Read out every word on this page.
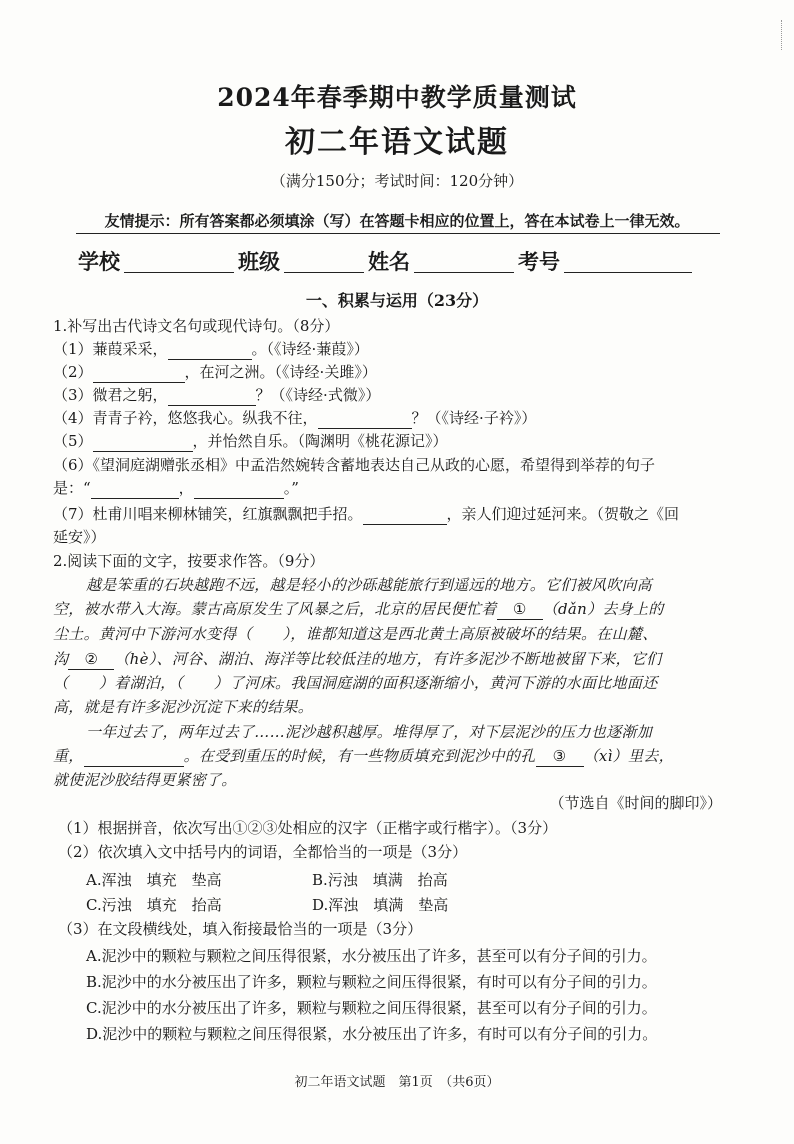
2024年春季期中教学质量测试
初二年语文试题
（满分150分；考试时间：120分钟）
友情提示：所有答案都必须填涂（写）在答题卡相应的位置上，答在本试卷上一律无效。
学校	班级	姓名	考号
一、积累与运用（23分）
1.补写出古代诗文名句或现代诗句。（8分）
（1）蒹葭采采，	。（《诗经·蒹葭》）
（2）	，在河之洲。（《诗经·关雎》）
（3）微君之躬，	？（《诗经·式微》）
（4）青青子衿，悠悠我心。纵我不往，	？（《诗经·子衿》）
（5）	，并怡然自乐。（陶渊明《桃花源记》）
（6）《望洞庭湖赠张丞相》中孟浩然婉转含蓄地表达自己从政的心愿，希望得到举荐的句子
是：“	，	。”
（7）杜甫川唱来柳林铺笑，红旗飘飘把手招。	，亲人们迎过延河来。（贺敬之《回
延安》）
2.阅读下面的文字，按要求作答。（9分）
越是笨重的石块越跑不远，越是轻小的沙砾越能旅行到遥远的地方。它们被风吹向高
空，被水带入大海。蒙古高原发生了风暴之后，北京的居民便忙着 ① （dǎn）去身上的
尘土。黄河中下游河水变得（　　），谁都知道这是西北黄土高原被破坏的结果。在山麓、
沟 ② （hè）、河谷、湖泊、海洋等比较低洼的地方，有许多泥沙不断地被留下来，它们
（　　）着湖泊，（　　）了河床。我国洞庭湖的面积逐渐缩小，黄河下游的水面比地面还
高，就是有许多泥沙沉淀下来的结果。
一年过去了，两年过去了……泥沙越积越厚。堆得厚了，对下层泥沙的压力也逐渐加
重，	。在受到重压的时候，有一些物质填充到泥沙中的孔 ③ （xì）里去，
就使泥沙胶结得更紧密了。
（节选自《时间的脚印》）
（1）根据拼音，依次写出①②③处相应的汉字（正楷字或行楷字）。（3分）
（2）依次填入文中括号内的词语，全都恰当的一项是（3分）
A.浑浊　填充　垫高	B.污浊　填满　抬高
C.污浊　填充　抬高	D.浑浊　填满　垫高
（3）在文段横线处，填入衔接最恰当的一项是（3分）
A.泥沙中的颗粒与颗粒之间压得很紧，水分被压出了许多，甚至可以有分子间的引力。
B.泥沙中的水分被压出了许多，颗粒与颗粒之间压得很紧，有时可以有分子间的引力。
C.泥沙中的水分被压出了许多，颗粒与颗粒之间压得很紧，甚至可以有分子间的引力。
D.泥沙中的颗粒与颗粒之间压得很紧，水分被压出了许多，有时可以有分子间的引力。
初二年语文试题　第1页　（共6页）
